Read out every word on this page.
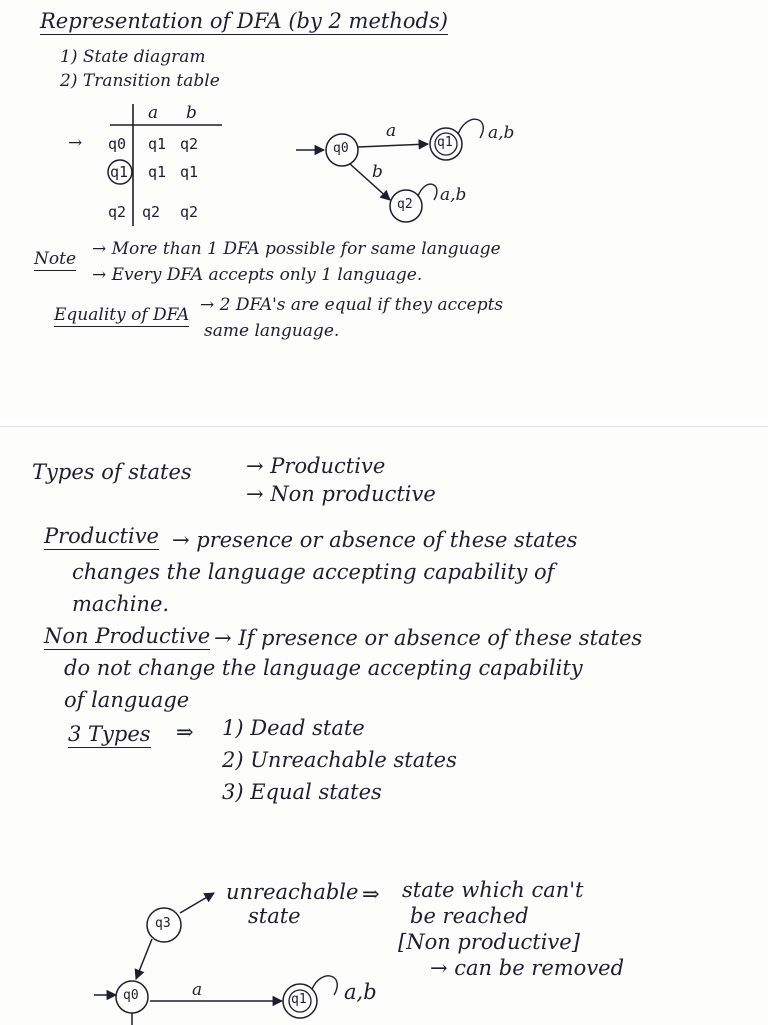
Representation of DFA (by 2 methods)
1) State diagram
2) Transition table
a b
→ q0 q1 q2
q1 q1 q1
q2 q2 q2
q0	q1
q2
a
b
a,b
a,b
Note → More than 1 DFA possible for same language
→ Every DFA accepts only 1 language.
Equality of DFA → 2 DFA's are equal if they accepts
same language.
Types of states	→ Productive
→ Non productive
Productive → presence or absence of these states
changes the language accepting capability of
machine.
Non Productive → If presence or absence of these states
do not change the language accepting capability
of language
3 Types ⇒ 1) Dead state
2) Unreachable states
3) Equal states
q3
unreachable
state
⇒ state which can't
be reached
[Non productive]
→ can be removed
q0	q1
a	a,b
